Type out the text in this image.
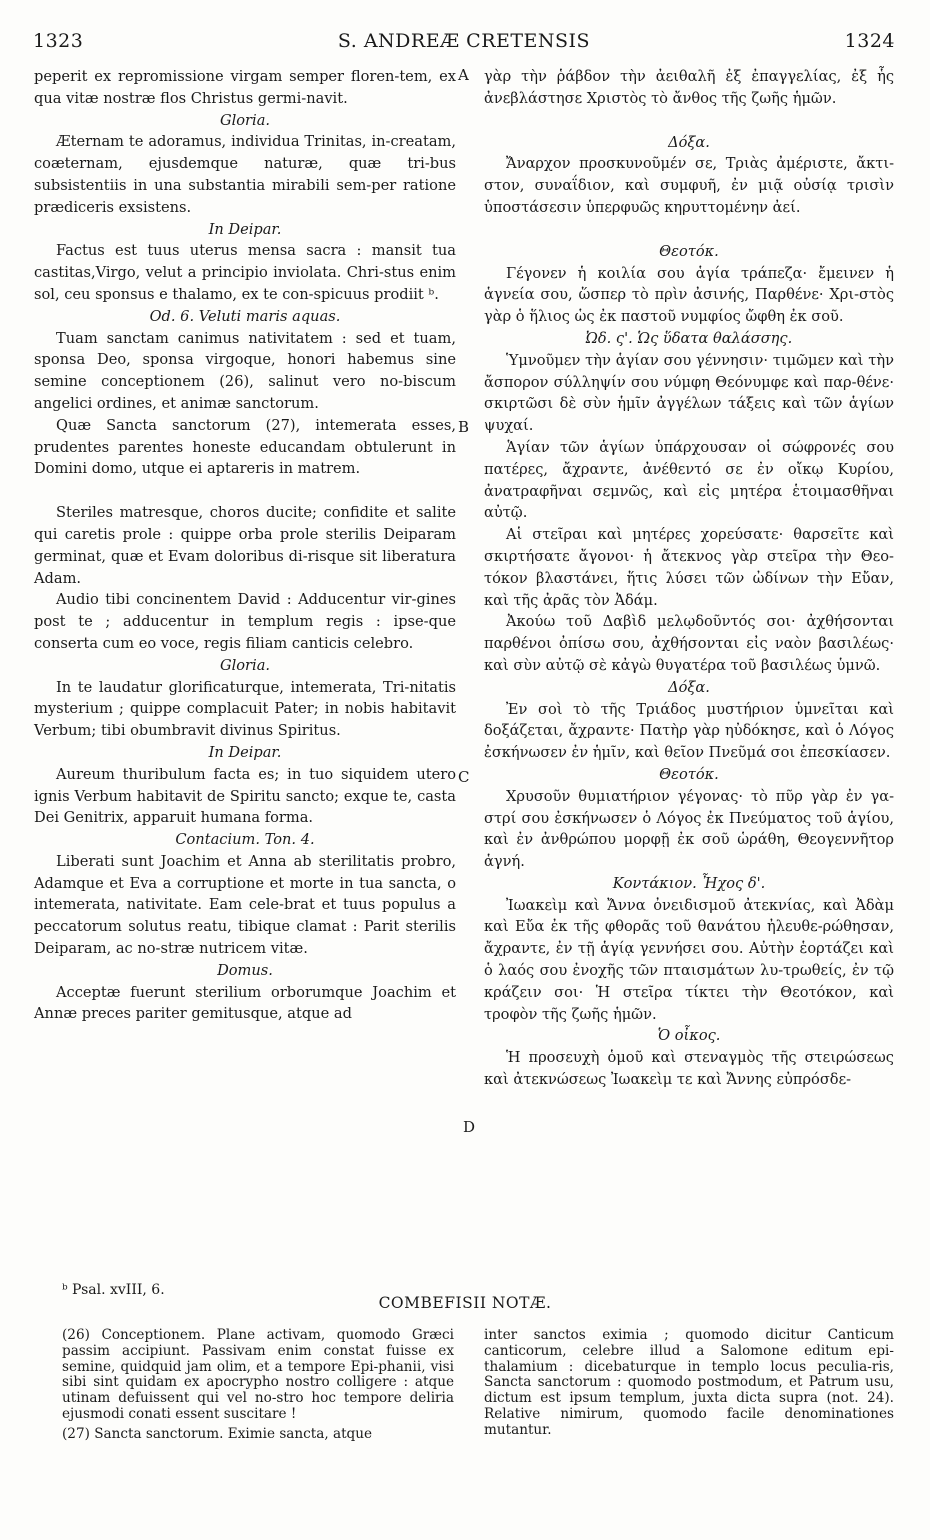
1323	S. ANDREÆ CRETENSIS	1324

peperit ex repromissione virgam semper floren-tem, ex qua vitæ nostræ flos Christus germi-navit.

Gloria.

Æternam te adoramus, individua Trinitas, in-creatam, coæternam, ejusdemque naturæ, quæ tri-bus subsistentiis in una substantia mirabili sem-per ratione prædiceris exsistens.

In Deipar.

Factus est tuus uterus mensa sacra : mansit tua castitas,Virgo, velut a principio inviolata. Chri-stus enim sol, ceu sponsus e thalamo, ex te con-spicuus prodiit ᵇ.

Od. 6. Veluti maris aquas.

Tuam sanctam canimus nativitatem : sed et tuam, sponsa Deo, sponsa virgoque, honori habemus sine semine conceptionem (26), salinut vero no-biscum angelici ordines, et animæ sanctorum.

Quæ Sancta sanctorum (27), intemerata esses, prudentes parentes honeste educandam obtulerunt in Domini domo, utque ei aptareris in matrem.

Steriles matresque, choros ducite; confidite et salite qui caretis prole : quippe orba prole sterilis Deiparam germinat, quæ et Evam doloribus di-risque sit liberatura Adam.

Audio tibi concinentem David : Adducentur vir-gines post te ; adducentur in templum regis : ipse-que conserta cum eo voce, regis filiam canticis celebro.

Gloria.

In te laudatur glorificaturque, intemerata, Tri-nitatis mysterium ; quippe complacuit Pater; in nobis habitavit Verbum; tibi obumbravit divinus Spiritus.

In Deipar.

Aureum thuribulum facta es; in tuo siquidem utero ignis Verbum habitavit de Spiritu sancto; exque te, casta Dei Genitrix, apparuit humana forma.

Contacium. Ton. 4.

Liberati sunt Joachim et Anna ab sterilitatis probro, Adamque et Eva a corruptione et morte in tua sancta, o intemerata, nativitate. Eam cele-brat et tuus populus a peccatorum solutus reatu, tibique clamat : Parit sterilis Deiparam, ac no-stræ nutricem vitæ.

Domus.

Acceptæ fuerunt sterilium orborumque Joachim et Annæ preces pariter gemitusque, atque ad

γὰρ τὴν ῥάβδον τὴν ἀειθαλῆ ἐξ ἐπαγγελίας, ἐξ ἧς ἀνεβλάστησε Χριστὸς τὸ ἄνθος τῆς ζωῆς ἡμῶν.

Δόξα.

Ἄναρχον προσκυνοῦμέν σε, Τριὰς ἀμέριστε, ἄκτι-στον, συναΐδιον, καὶ συμφυῆ, ἐν μιᾷ οὐσίᾳ τρισὶν ὑποστάσεσιν ὑπερφυῶς κηρυττομένην ἀεί.

Θεοτόκ.

Γέγονεν ἡ κοιλία σου ἁγία τράπεζα· ἔμεινεν ἡ ἁγνεία σου, ὥσπερ τὸ πρὶν ἀσινής, Παρθένε· Χρι-στὸς γὰρ ὁ ἥλιος ὡς ἐκ παστοῦ νυμφίος ὤφθη ἐκ σοῦ.

Ὠδ. ς'. Ὡς ὕδατα θαλάσσης.

Ὑμνοῦμεν τὴν ἁγίαν σου γέννησιν· τιμῶμεν καὶ τὴν ἄσπορον σύλληψίν σου νύμφη Θεόνυμφε καὶ παρ-θένε· σκιρτῶσι δὲ σὺν ἡμῖν ἀγγέλων τάξεις καὶ τῶν ἁγίων ψυχαί.

Ἁγίαν τῶν ἁγίων ὑπάρχουσαν οἱ σώφρονές σου πατέρες, ἄχραντε, ἀνέθεντό σε ἐν οἴκῳ Κυρίου, ἀνατραφῆναι σεμνῶς, καὶ εἰς μητέρα ἑτοιμασθῆναι αὐτῷ.

Αἱ στεῖραι καὶ μητέρες χορεύσατε· θαρσεῖτε καὶ σκιρτήσατε ἄγονοι· ἡ ἄτεκνος γὰρ στεῖρα τὴν Θεο-τόκον βλαστάνει, ἥτις λύσει τῶν ὠδίνων τὴν Εὔαν, καὶ τῆς ἀρᾶς τὸν Ἀδάμ.

Ἀκούω τοῦ Δαβὶδ μελῳδοῦντός σοι· ἀχθήσονται παρθένοι ὀπίσω σου, ἀχθήσονται εἰς ναὸν βασιλέως· καὶ σὺν αὐτῷ σὲ κἀγὼ θυγατέρα τοῦ βασιλέως ὑμνῶ.

Δόξα.

Ἐν σοὶ τὸ τῆς Τριάδος μυστήριον ὑμνεῖται καὶ δοξάζεται, ἄχραντε· Πατὴρ γὰρ ηὐδόκησε, καὶ ὁ Λόγος ἐσκήνωσεν ἐν ἡμῖν, καὶ θεῖον Πνεῦμά σοι ἐπεσκίασεν.

Θεοτόκ.

Χρυσοῦν θυμιατήριον γέγονας· τὸ πῦρ γὰρ ἐν γα-στρί σου ἐσκήνωσεν ὁ Λόγος ἐκ Πνεύματος τοῦ ἁγίου, καὶ ἐν ἀνθρώπου μορφῇ ἐκ σοῦ ὡράθη, Θεογεννῆτορ ἁγνή.

Κοντάκιον. Ἦχος δ'.

Ἰωακεὶμ καὶ Ἄννα ὀνειδισμοῦ ἀτεκνίας, καὶ Ἀδὰμ καὶ Εὔα ἐκ τῆς φθορᾶς τοῦ θανάτου ἠλευθε-ρώθησαν, ἄχραντε, ἐν τῇ ἁγίᾳ γεννήσει σου. Αὐτὴν ἑορτάζει καὶ ὁ λαός σου ἐνοχῆς τῶν πταισμάτων λυ-τρωθείς, ἐν τῷ κράζειν σοι· Ἡ στεῖρα τίκτει τὴν Θεοτόκον, καὶ τροφὸν τῆς ζωῆς ἡμῶν.

Ὁ οἶκος.

Ἡ προσευχὴ ὁμοῦ καὶ στεναγμὸς τῆς στειρώσεως καὶ ἀτεκνώσεως Ἰωακεὶμ τε καὶ Ἄννης εὐπρόσδε-

A
B
C
D
ᵇ Psal. xvIII, 6.
COMBEFISII NOTÆ.

(26) Conceptionem. Plane activam, quomodo Græci passim accipiunt. Passivam enim constat fuisse ex semine, quidquid jam olim, et a tempore Epi-phanii, visi sibi sint quidam ex apocrypho nostro colligere : atque utinam defuissent qui vel no-stro hoc tempore deliria ejusmodi conati essent suscitare !

(27) Sancta sanctorum. Eximie sancta, atque

inter sanctos eximia ; quomodo dicitur Canticum canticorum, celebre illud a Salomone editum epi-thalamium : dicebaturque in templo locus peculia-ris, Sancta sanctorum : quomodo postmodum, et Patrum usu, dictum est ipsum templum, juxta dicta supra (not. 24). Relative nimirum, quomodo facile denominationes mutantur.
